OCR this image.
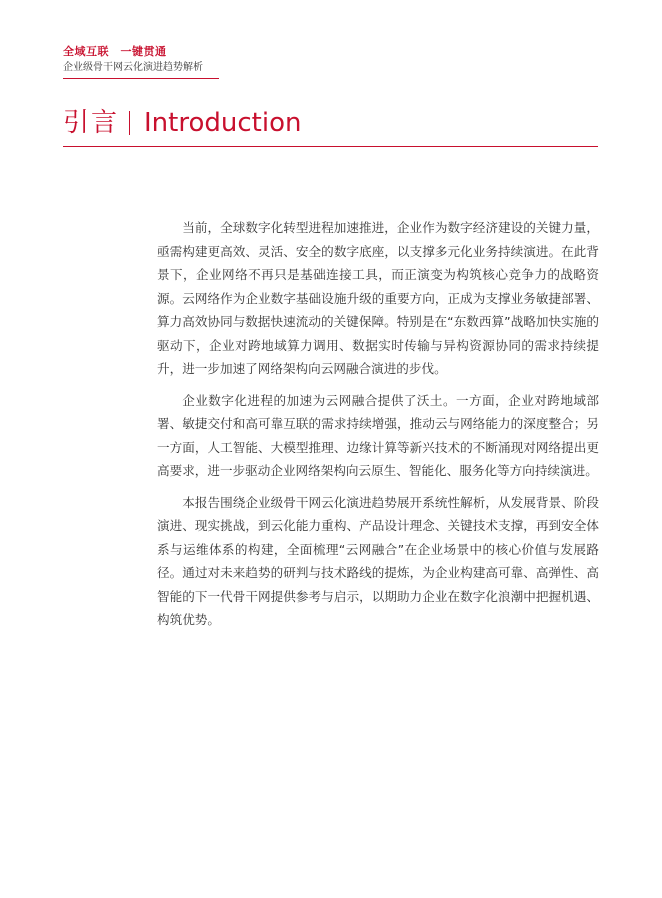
全域互联　一键贯通
企业级骨干网云化演进趋势解析
引言 Introduction

当前，全球数字化转型进程加速推进，企业作为数字经济建设的关键力量，亟需构建更高效、灵活、安全的数字底座，以支撑多元化业务持续演进。在此背景下，企业网络不再只是基础连接工具，而正演变为构筑核心竞争力的战略资源。云网络作为企业数字基础设施升级的重要方向，正成为支撑业务敏捷部署、算力高效协同与数据快速流动的关键保障。特别是在“东数西算”战略加快实施的驱动下，企业对跨地域算力调用、数据实时传输与异构资源协同的需求持续提升，进一步加速了网络架构向云网融合演进的步伐。

企业数字化进程的加速为云网融合提供了沃土。一方面，企业对跨地域部署、敏捷交付和高可靠互联的需求持续增强，推动云与网络能力的深度整合；另一方面，人工智能、大模型推理、边缘计算等新兴技术的不断涌现对网络提出更高要求，进一步驱动企业网络架构向云原生、智能化、服务化等方向持续演进。

本报告围绕企业级骨干网云化演进趋势展开系统性解析，从发展背景、阶段演进、现实挑战，到云化能力重构、产品设计理念、关键技术支撑，再到安全体系与运维体系的构建，全面梳理“云网融合”在企业场景中的核心价值与发展路径。通过对未来趋势的研判与技术路线的提炼，为企业构建高可靠、高弹性、高智能的下一代骨干网提供参考与启示，以期助力企业在数字化浪潮中把握机遇、构筑优势。
